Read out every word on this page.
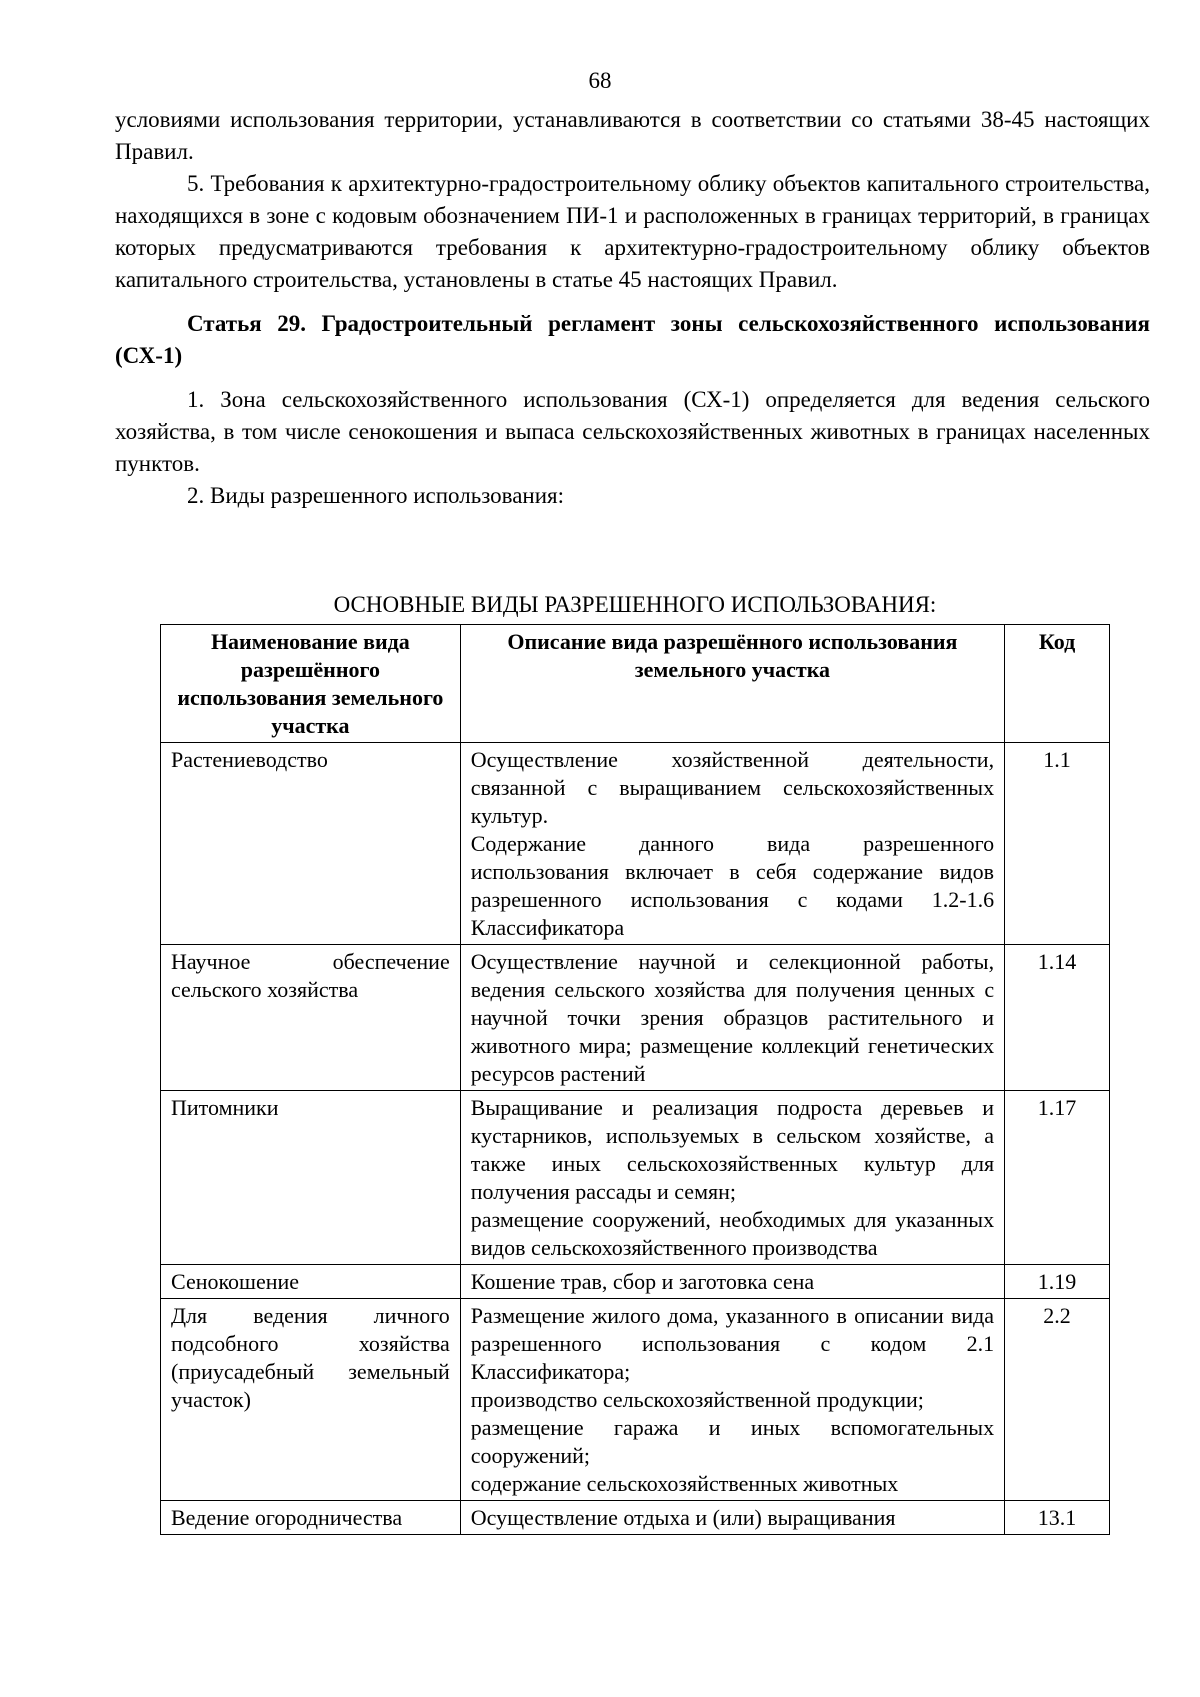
68

условиями использования территории, устанавливаются в соответствии со статьями 38-45 настоящих Правил.

5. Требования к архитектурно-градостроительному облику объектов капитального строительства, находящихся в зоне с кодовым обозначением ПИ-1 и расположенных в границах территорий, в границах которых предусматриваются требования к архитектурно-градостроительному облику объектов капитального строительства, установлены в статье 45 настоящих Правил.

Статья 29. Градостроительный регламент зоны сельскохозяйственного использования (СХ-1)

1. Зона сельскохозяйственного использования (СХ-1) определяется для ведения сельского хозяйства, в том числе сенокошения и выпаса сельскохозяйственных животных в границах населенных пунктов.

2. Виды разрешенного использования:

ОСНОВНЫЕ ВИДЫ РАЗРЕШЕННОГО ИСПОЛЬЗОВАНИЯ:
Наименование вида разрешённого использования земельного участка	Описание вида разрешённого использования земельного участка	Код
Растениеводство	Осуществление хозяйственной деятельности, связанной с выращиванием сельскохозяйственных культур.

Содержание данного вида разрешенного использования включает в себя содержание видов разрешенного использования с кодами 1.2-1.6 Классификатора	1.1
Научное обеспечение сельского хозяйства	Осуществление научной и селекционной работы, ведения сельского хозяйства для получения ценных с научной точки зрения образцов растительного и животного мира; размещение коллекций генетических ресурсов растений	1.14
Питомники	Выращивание и реализация подроста деревьев и кустарников, используемых в сельском хозяйстве, а также иных сельскохозяйственных культур для получения рассады и семян;

размещение сооружений, необходимых для указанных видов сельскохозяйственного производства	1.17
Сенокошение	Кошение трав, сбор и заготовка сена	1.19
Для ведения личного подсобного хозяйства (приусадебный земельный участок)	Размещение жилого дома, указанного в описании вида разрешенного использования с кодом 2.1 Классификатора;

производство сельскохозяйственной продукции;

размещение гаража и иных вспомогательных сооружений;

содержание сельскохозяйственных животных	2.2
Ведение огородничества	Осуществление отдыха и (или) выращивания	13.1
